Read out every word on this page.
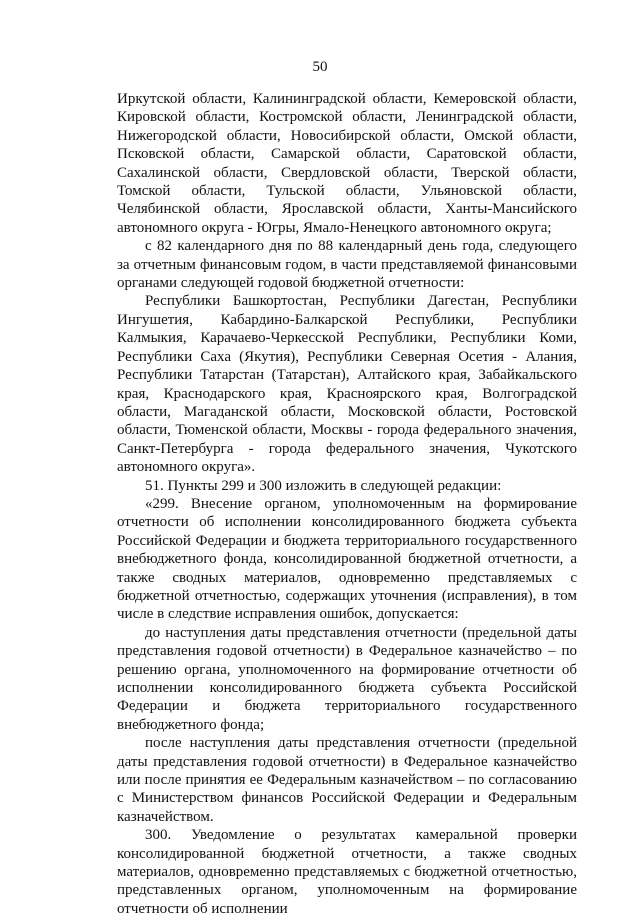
50

Иркутской области, Калининградской области, Кемеровской области, Кировской области, Костромской области, Ленинградской области, Нижегородской области, Новосибирской области, Омской области, Псковской области, Самарской области, Саратовской области, Сахалинской области, Свердловской области, Тверской области, Томской области, Тульской области, Ульяновской области, Челябинской области, Ярославской области, Ханты-Мансийского автономного округа - Югры, Ямало-Ненецкого автономного округа;

с 82 календарного дня по 88 календарный день года, следующего за отчетным финансовым годом, в части представляемой финансовыми органами следующей годовой бюджетной отчетности:

Республики Башкортостан, Республики Дагестан, Республики Ингушетия, Кабардино-Балкарской Республики, Республики Калмыкия, Карачаево-Черкесской Республики, Республики Коми, Республики Саха (Якутия), Республики Северная Осетия - Алания, Республики Татарстан (Татарстан), Алтайского края, Забайкальского края, Краснодарского края, Красноярского края, Волгоградской области, Магаданской области, Московской области, Ростовской области, Тюменской области, Москвы - города федерального значения, Санкт-Петербурга - города федерального значения, Чукотского автономного округа».

51. Пункты 299 и 300 изложить в следующей редакции:

«299. Внесение органом, уполномоченным на формирование отчетности об исполнении консолидированного бюджета субъекта Российской Федерации и бюджета территориального государственного внебюджетного фонда, консолидированной бюджетной отчетности, а также сводных материалов, одновременно представляемых с бюджетной отчетностью, содержащих уточнения (исправления), в том числе в следствие исправления ошибок, допускается:

до наступления даты представления отчетности (предельной даты представления годовой отчетности) в Федеральное казначейство – по решению органа, уполномоченного на формирование отчетности об исполнении консолидированного бюджета субъекта Российской Федерации и бюджета территориального государственного внебюджетного фонда;

после наступления даты представления отчетности (предельной даты представления годовой отчетности) в Федеральное казначейство или после принятия ее Федеральным казначейством – по согласованию с Министерством финансов Российской Федерации и Федеральным казначейством.

300. Уведомление о результатах камеральной проверки консолидированной бюджетной отчетности, а также сводных материалов, одновременно представляемых с бюджетной отчетностью, представленных органом, уполномоченным на формирование отчетности об исполнении
